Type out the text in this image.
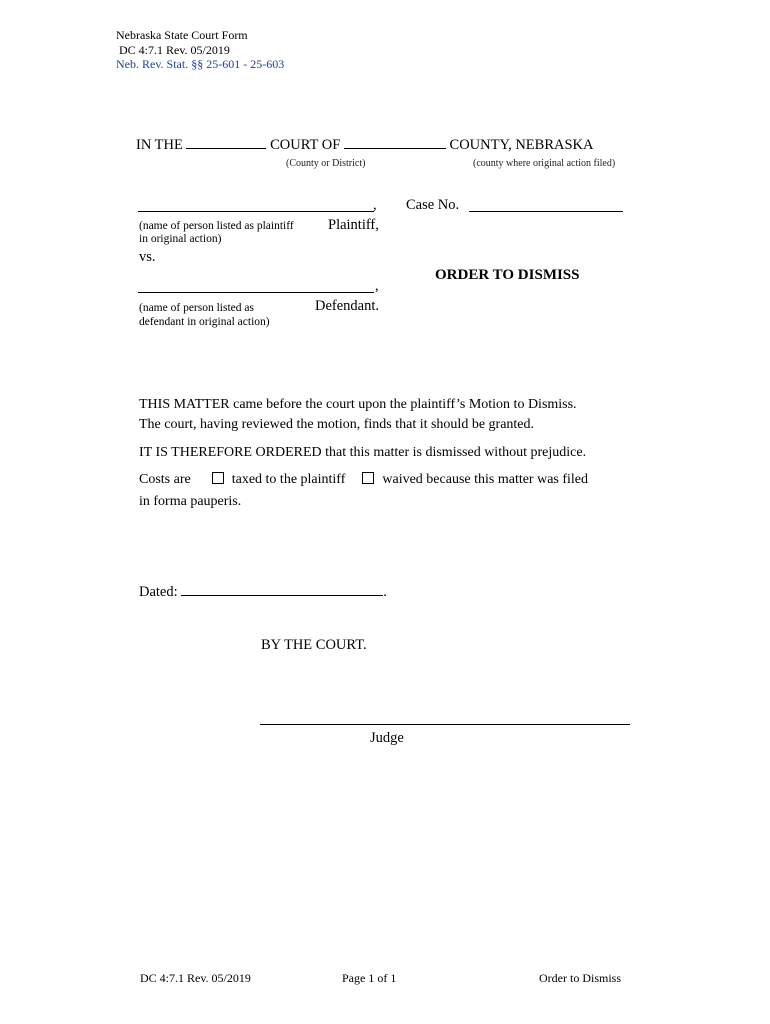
Nebraska State Court Form
DC 4:7.1 Rev. 05/2019
Neb. Rev. Stat. §§ 25-601 - 25-603
IN THE	COURT OF	COUNTY, NEBRASKA
(County or District)	(county where original action filed)
, Case No.
(name of person listed as plaintiff
in original action)
Plaintiff,
vs.
ORDER TO DISMISS
,
(name of person listed as
defendant in original action)
Defendant.
THIS MATTER came before the court upon the plaintiff’s Motion to Dismiss.
The court, having reviewed the motion, finds that it should be granted.
IT IS THEREFORE ORDERED that this matter is dismissed without prejudice.
Costs are	taxed to the plaintiff	waived because this matter was filed
in forma pauperis.
Dated:	.
BY THE COURT.
Judge
DC 4:7.1 Rev. 05/2019	Page 1 of 1	Order to Dismiss
